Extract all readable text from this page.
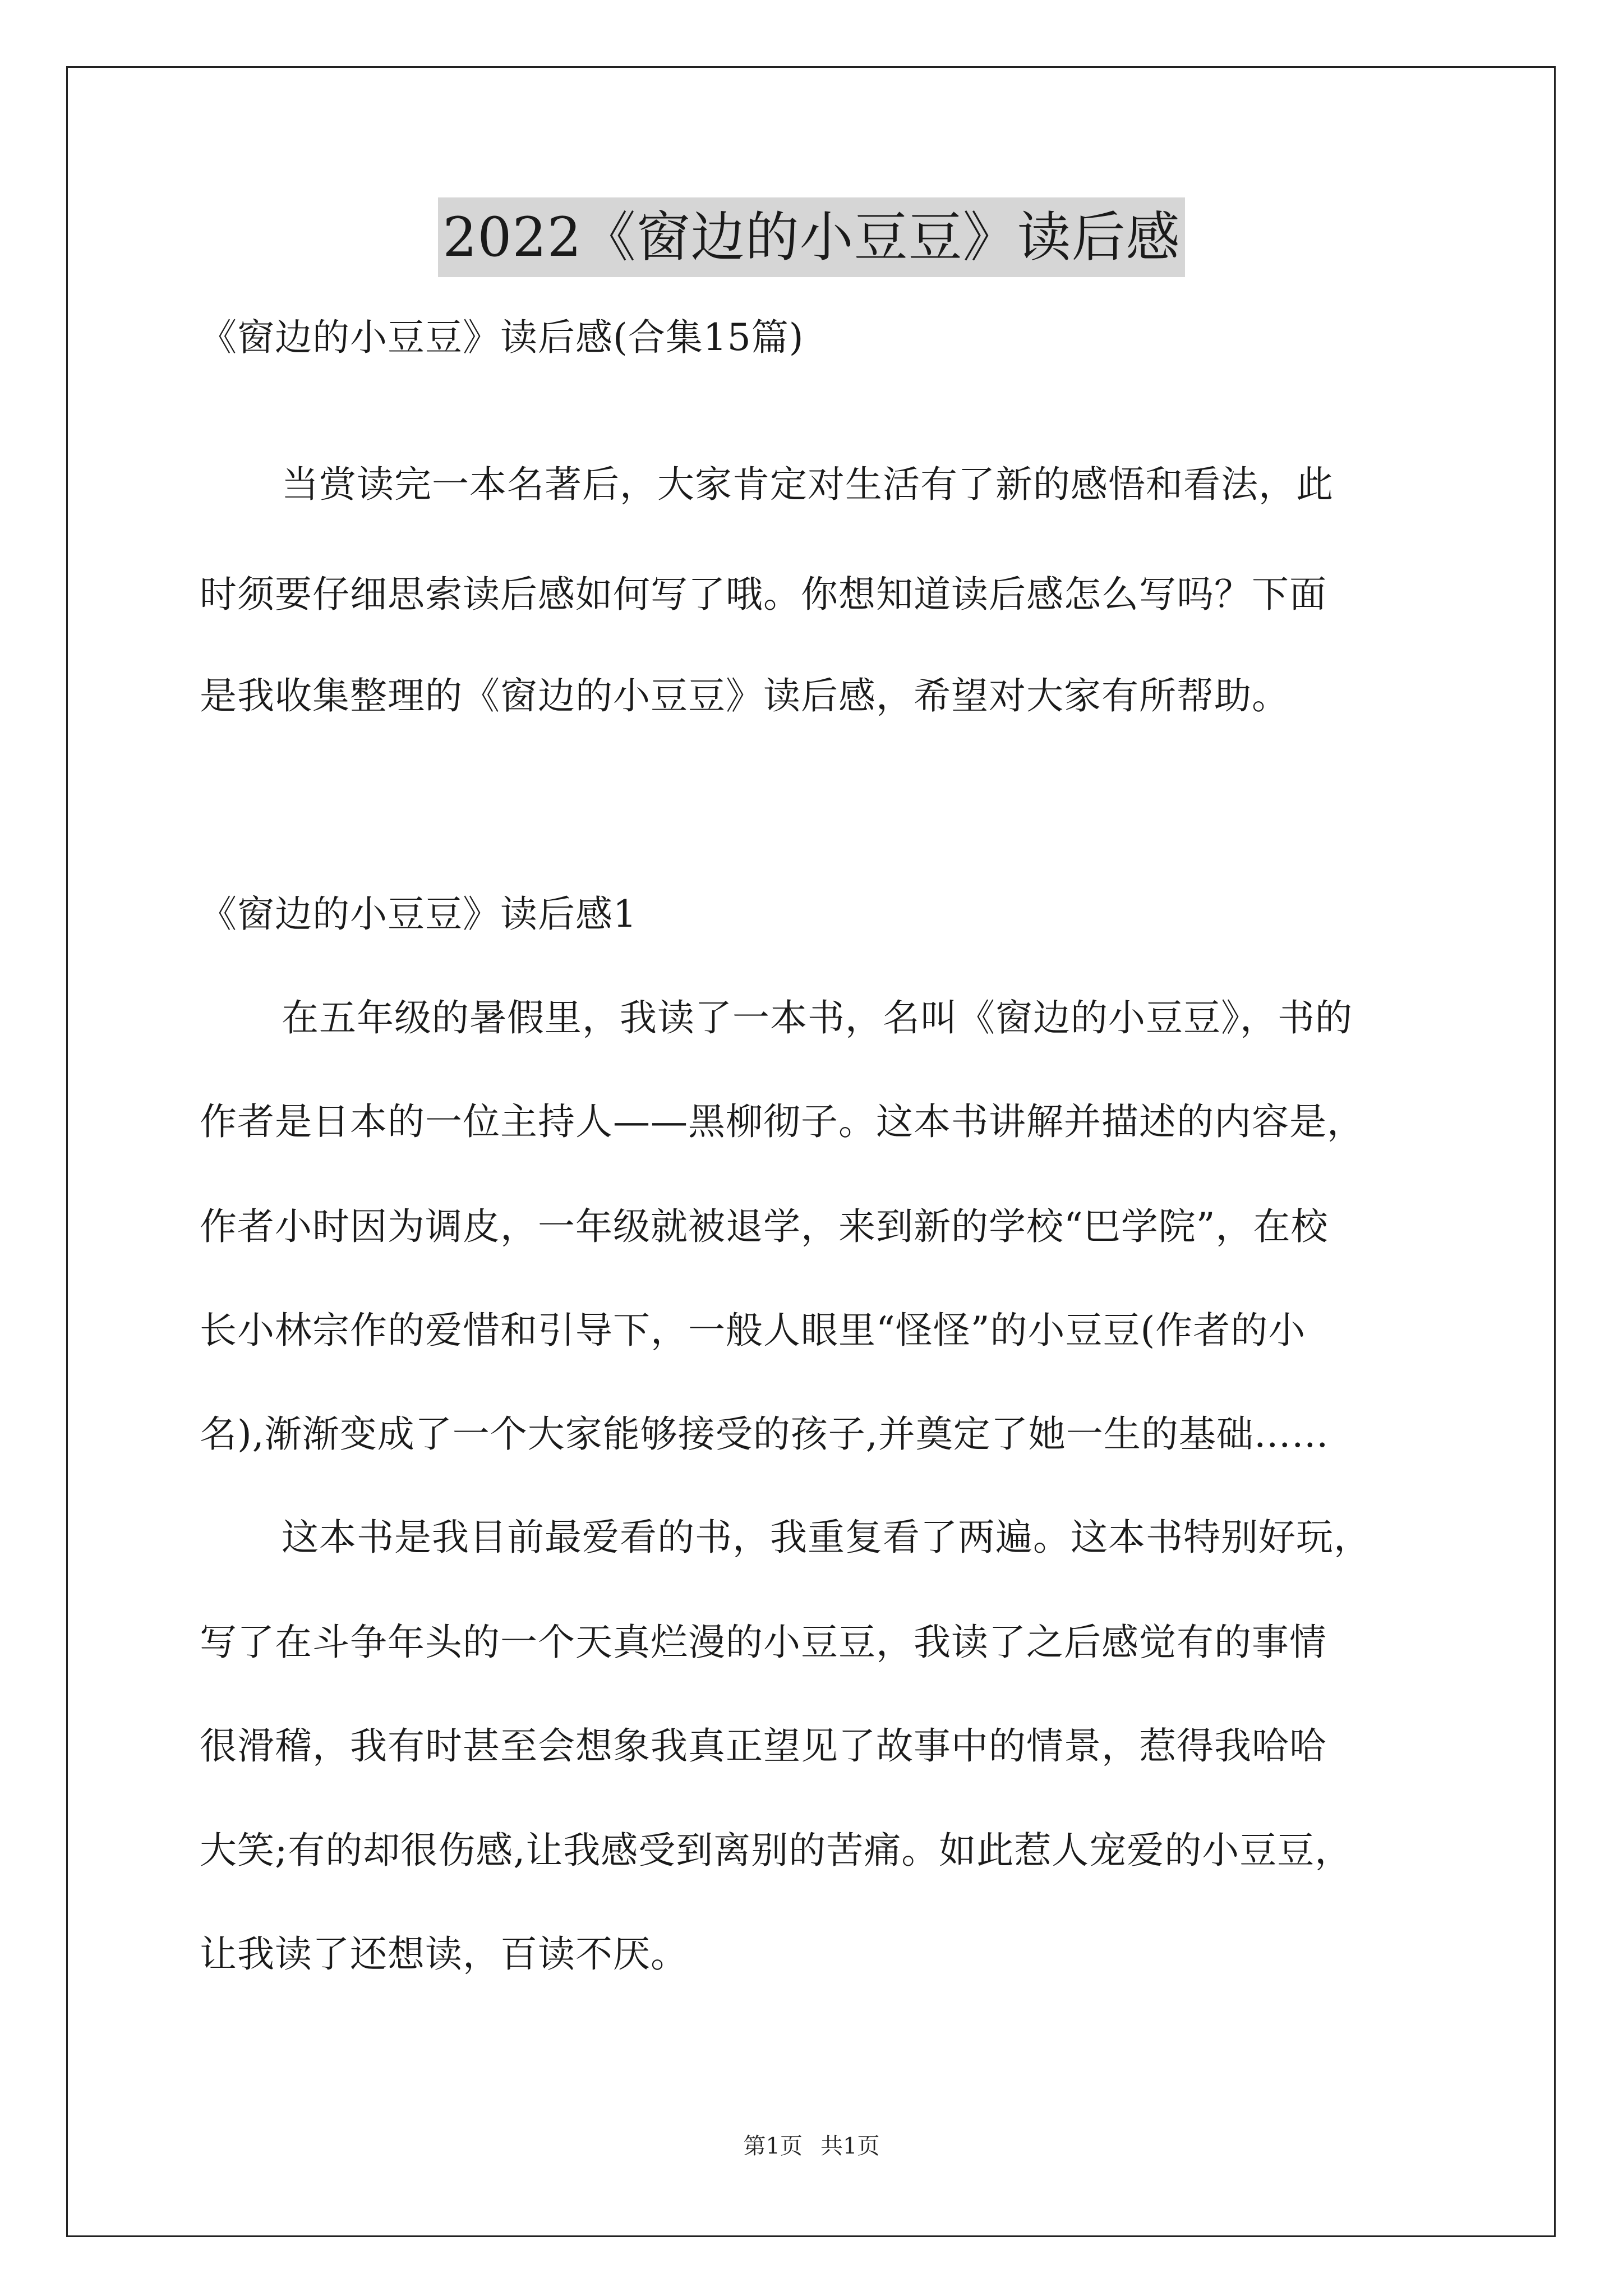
2022《窗边的小豆豆》读后感
《窗边的小豆豆》读后感(合集15篇)
当赏读完一本名著后，大家肯定对生活有了新的感悟和看法，此
时须要仔细思索读后感如何写了哦。你想知道读后感怎么写吗？下面
是我收集整理的《窗边的小豆豆》读后感，希望对大家有所帮助。
《窗边的小豆豆》读后感1
在五年级的暑假里，我读了一本书，名叫《窗边的小豆豆》，书的
作者是日本的一位主持人——黑柳彻子。这本书讲解并描述的内容是，
作者小时因为调皮，一年级就被退学，来到新的学校“巴学院”，在校
长小林宗作的爱惜和引导下，一般人眼里“怪怪”的小豆豆(作者的小
名),渐渐变成了一个大家能够接受的孩子,并奠定了她一生的基础……
这本书是我目前最爱看的书，我重复看了两遍。这本书特别好玩，
写了在斗争年头的一个天真烂漫的小豆豆，我读了之后感觉有的事情
很滑稽，我有时甚至会想象我真正望见了故事中的情景，惹得我哈哈
大笑;有的却很伤感,让我感受到离别的苦痛。如此惹人宠爱的小豆豆，
让我读了还想读，百读不厌。
第1页 共1页
